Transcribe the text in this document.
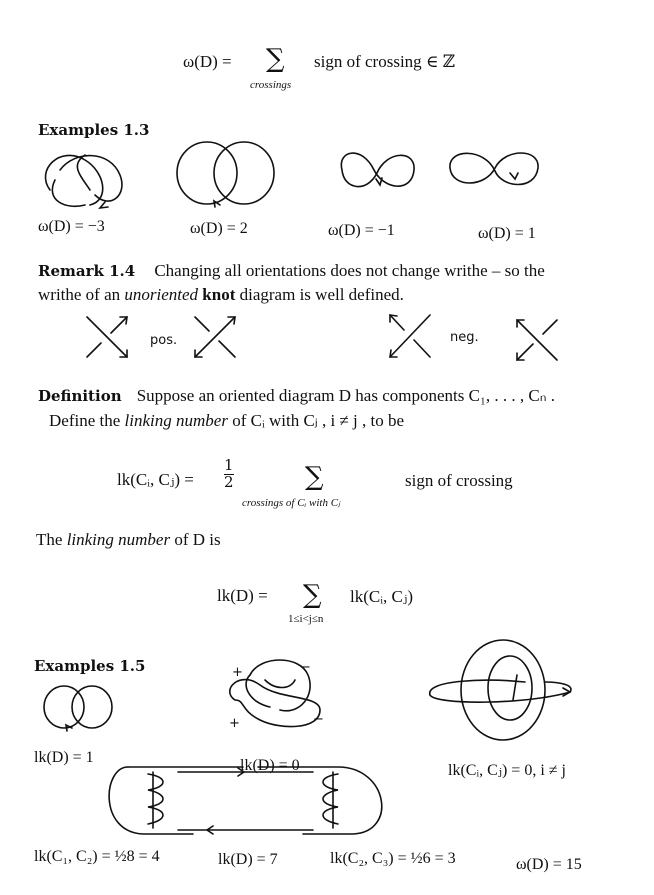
ω(D) = ∑
crossings
sign of crossing ∈ ℤ
Examples 1.3
ω(D) = −3	ω(D) = 2	ω(D) = −1	ω(D) = 1
Remark 1.4 Changing all orientations does not change writhe – so the
writhe of an unoriented knot diagram is well defined.
pos.	neg.
Definition Suppose an oriented diagram D has components C₁, . . . , Cₙ .
Define the linking number of Cᵢ with Cⱼ , i ≠ j , to be
lk(Cᵢ, Cⱼ) =
1
2	∑
crossings of Cᵢ with Cⱼ
sign of crossing
The linking number of D is
lk(D) = ∑
1≤i<j≤n
lk(Cᵢ, Cⱼ)
Examples 1.5
lk(D) = 1
+	−
+	−
lk(D) = 0	lk(Cᵢ, Cⱼ) = 0, i ≠ j
lk(C₁, C₂) = ½8 = 4	lk(D) = 7	lk(C₂, C₃) = ½6 = 3	ω(D) = 15
